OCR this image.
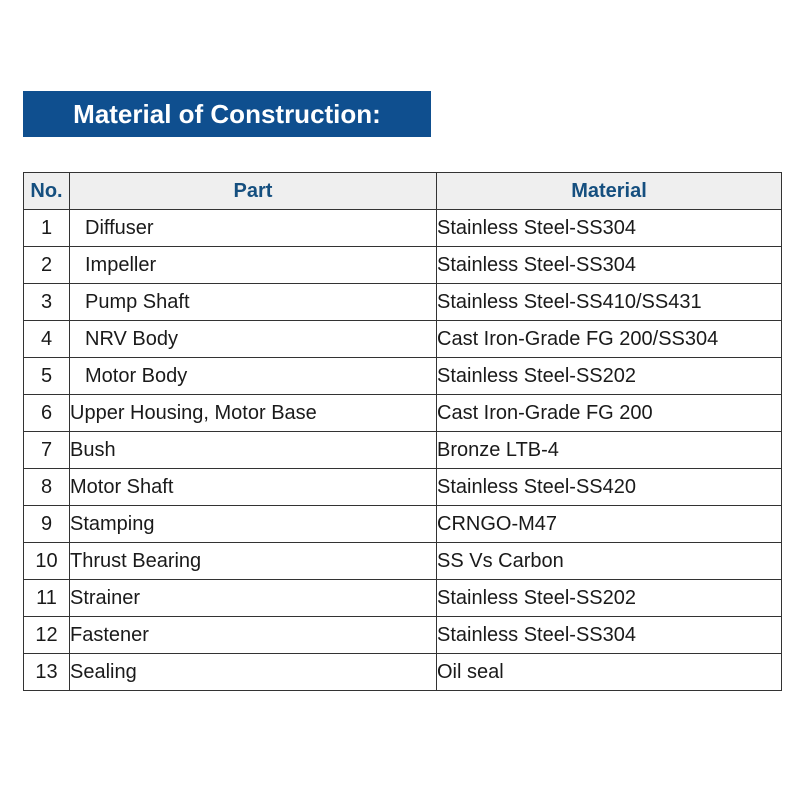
Material of Construction:
No.	Part	Material
1	Diffuser	Stainless Steel-SS304
2	Impeller	Stainless Steel-SS304
3	Pump Shaft	Stainless Steel-SS410/SS431
4	NRV Body	Cast Iron-Grade FG 200/SS304
5	Motor Body	Stainless Steel-SS202
6	Upper Housing, Motor Base	Cast Iron-Grade FG 200
7	Bush	Bronze LTB-4
8	Motor Shaft	Stainless Steel-SS420
9	Stamping	CRNGO-M47
10	Thrust Bearing	SS Vs Carbon
11	Strainer	Stainless Steel-SS202
12	Fastener	Stainless Steel-SS304
13	Sealing	Oil seal
